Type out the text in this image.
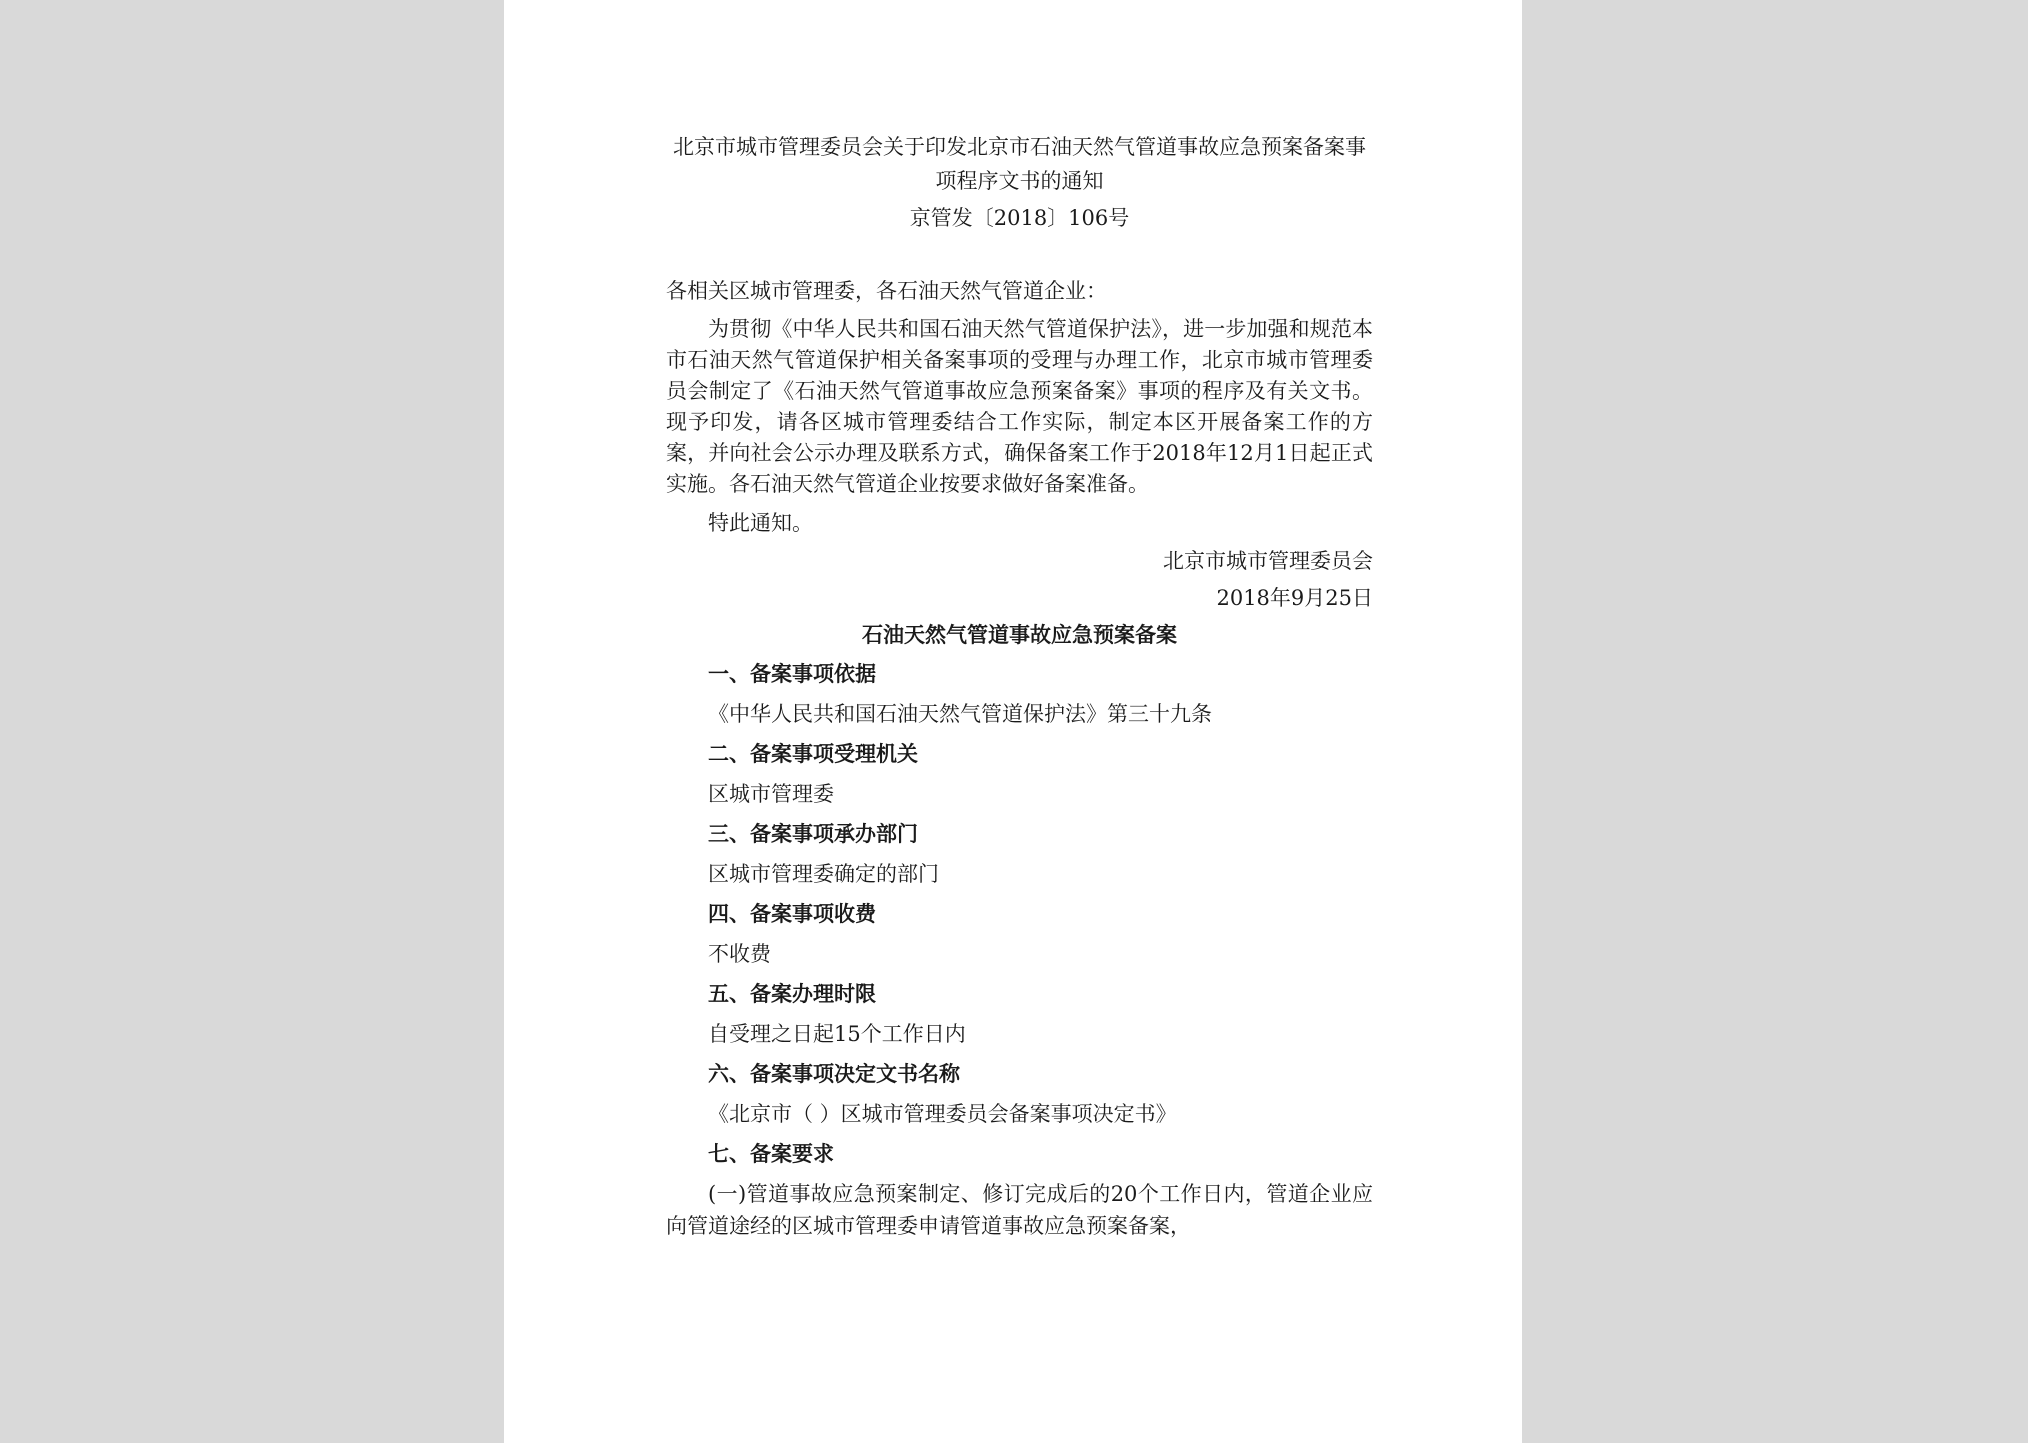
北京市城市管理委员会关于印发北京市石油天然气管道事故应急预案备案事项程序文书的通知

京管发〔2018〕106号

各相关区城市管理委，各石油天然气管道企业：

为贯彻《中华人民共和国石油天然气管道保护法》，进一步加强和规范本市石油天然气管道保护相关备案事项的受理与办理工作，北京市城市管理委员会制定了《石油天然气管道事故应急预案备案》事项的程序及有关文书。现予印发，请各区城市管理委结合工作实际，制定本区开展备案工作的方案，并向社会公示办理及联系方式，确保备案工作于2018年12月1日起正式实施。各石油天然气管道企业按要求做好备案准备。

特此通知。

北京市城市管理委员会

2018年9月25日

石油天然气管道事故应急预案备案

一、备案事项依据

《中华人民共和国石油天然气管道保护法》第三十九条

二、备案事项受理机关

区城市管理委

三、备案事项承办部门

区城市管理委确定的部门

四、备案事项收费

不收费

五、备案办理时限

自受理之日起15个工作日内

六、备案事项决定文书名称

《北京市（ ）区城市管理委员会备案事项决定书》

七、备案要求

(一)管道事故应急预案制定、修订完成后的20个工作日内，管道企业应向管道途经的区城市管理委申请管道事故应急预案备案，
